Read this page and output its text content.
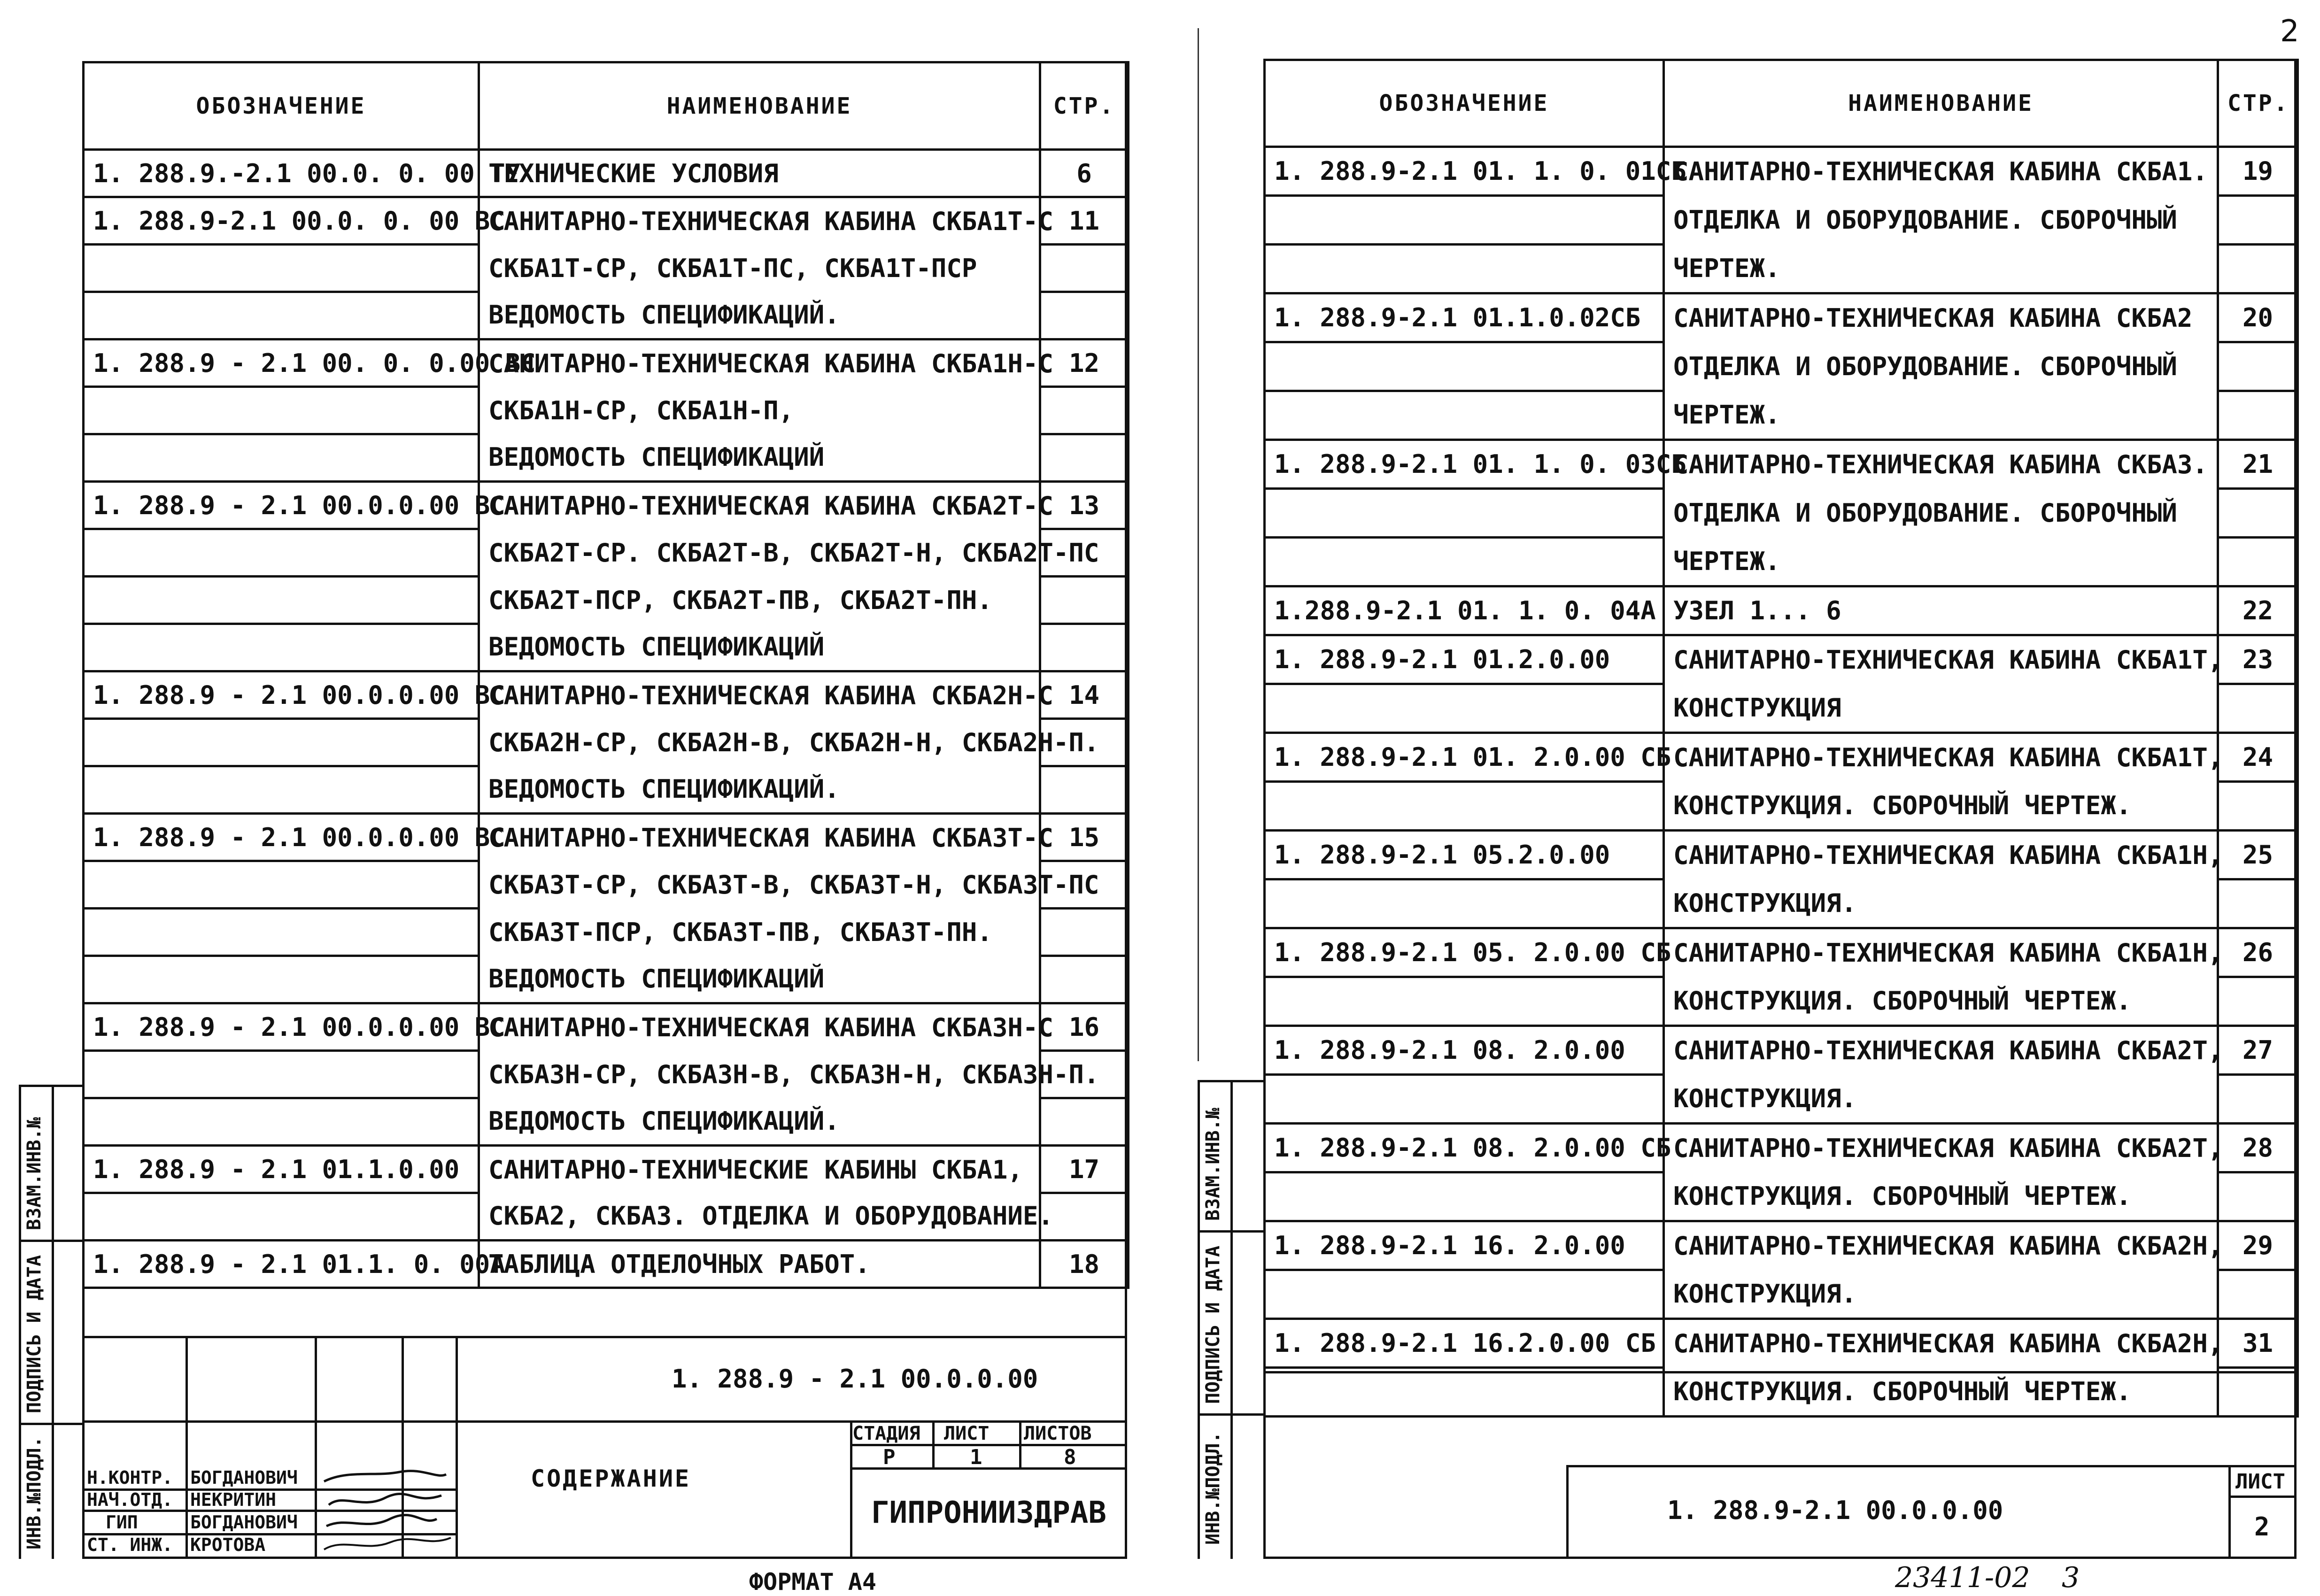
2
ОБОЗНАЧЕНИЕ	НАИМЕНОВАНИЕ	СТР.
1. 288.9.-2.1 00.0. 0. 00 ТУ	ТЕХНИЧЕСКИЕ УСЛОВИЯ	6
1. 288.9-2.1 00.0. 0. 00 ВС	САНИТАРНО-ТЕХНИЧЕСКАЯ КАБИНА СКБА1Т-С	11
	СКБА1Т-СР, СКБА1Т-ПС, СКБА1Т-ПСР	
	ВЕДОМОСТЬ СПЕЦИФИКАЦИЙ.	
1. 288.9 - 2.1 00. 0. 0.00 ВС	САНИТАРНО-ТЕХНИЧЕСКАЯ КАБИНА СКБА1Н-С	12
	СКБА1Н-СР, СКБА1Н-П,	
	ВЕДОМОСТЬ СПЕЦИФИКАЦИЙ	
1. 288.9 - 2.1 00.0.0.00 ВС	САНИТАРНО-ТЕХНИЧЕСКАЯ КАБИНА СКБА2Т-С	13
	СКБА2Т-СР. СКБА2Т-В, СКБА2Т-Н, СКБА2Т-ПС	
	СКБА2Т-ПСР, СКБА2Т-ПВ, СКБА2Т-ПН.	
	ВЕДОМОСТЬ СПЕЦИФИКАЦИЙ	
1. 288.9 - 2.1 00.0.0.00 ВС	САНИТАРНО-ТЕХНИЧЕСКАЯ КАБИНА СКБА2Н-С	14
	СКБА2Н-СР, СКБА2Н-В, СКБА2Н-Н, СКБА2Н-П.	
	ВЕДОМОСТЬ СПЕЦИФИКАЦИЙ.	
1. 288.9 - 2.1 00.0.0.00 ВС	САНИТАРНО-ТЕХНИЧЕСКАЯ КАБИНА СКБА3Т-С	15
	СКБА3Т-СР, СКБА3Т-В, СКБА3Т-Н, СКБА3Т-ПС	
	СКБА3Т-ПСР, СКБА3Т-ПВ, СКБА3Т-ПН.	
	ВЕДОМОСТЬ СПЕЦИФИКАЦИЙ	
1. 288.9 - 2.1 00.0.0.00 ВС	САНИТАРНО-ТЕХНИЧЕСКАЯ КАБИНА СКБА3Н-С	16
	СКБА3Н-СР, СКБА3Н-В, СКБА3Н-Н, СКБА3Н-П.	
	ВЕДОМОСТЬ СПЕЦИФИКАЦИЙ.	
1. 288.9 - 2.1 01.1.0.00	САНИТАРНО-ТЕХНИЧЕСКИЕ КАБИНЫ СКБА1,	17
	СКБА2, СКБА3. ОТДЕЛКА И ОБОРУДОВАНИЕ.	
1. 288.9 - 2.1 01.1. 0. 00А	ТАБЛИЦА ОТДЕЛОЧНЫХ РАБОТ.	18
ИНВ.№ПОДЛ.
ПОДПИСЬ И ДАТА
ВЗАМ.ИНВ.№
1. 288.9 - 2.1 00.0.0.00
СОДЕРЖАНИЕ
СТАДИЯ ЛИСТ ЛИСТОВ
Р	1	8
ГИПРОНИИЗДРАВ
Н.КОНТР. БОГДАНОВИЧ
НАЧ.ОТД. НЕКРИТИН
ГИП	БОГДАНОВИЧ
СТ. ИНЖ. КРОТОВА
ФОРМАТ А4
ОБОЗНАЧЕНИЕ	НАИМЕНОВАНИЕ	СТР.
1. 288.9-2.1 01. 1. 0. 01СБ	САНИТАРНО-ТЕХНИЧЕСКАЯ КАБИНА СКБА1.	19
	ОТДЕЛКА И ОБОРУДОВАНИЕ. СБОРОЧНЫЙ	
	ЧЕРТЕЖ.	
1. 288.9-2.1 01.1.0.02СБ	САНИТАРНО-ТЕХНИЧЕСКАЯ КАБИНА СКБА2	20
	ОТДЕЛКА И ОБОРУДОВАНИЕ. СБОРОЧНЫЙ	
	ЧЕРТЕЖ.	
1. 288.9-2.1 01. 1. 0. 03СБ	САНИТАРНО-ТЕХНИЧЕСКАЯ КАБИНА СКБА3.	21
	ОТДЕЛКА И ОБОРУДОВАНИЕ. СБОРОЧНЫЙ	
	ЧЕРТЕЖ.	
1.288.9-2.1 01. 1. 0. 04А	УЗЕЛ 1... 6	22
1. 288.9-2.1 01.2.0.00	САНИТАРНО-ТЕХНИЧЕСКАЯ КАБИНА СКБА1Т,	23
	КОНСТРУКЦИЯ	
1. 288.9-2.1 01. 2.0.00 СБ	САНИТАРНО-ТЕХНИЧЕСКАЯ КАБИНА СКБА1Т,	24
	КОНСТРУКЦИЯ. СБОРОЧНЫЙ ЧЕРТЕЖ.	
1. 288.9-2.1 05.2.0.00	САНИТАРНО-ТЕХНИЧЕСКАЯ КАБИНА СКБА1Н,	25
	КОНСТРУКЦИЯ.	
1. 288.9-2.1 05. 2.0.00 СБ	САНИТАРНО-ТЕХНИЧЕСКАЯ КАБИНА СКБА1Н,	26
	КОНСТРУКЦИЯ. СБОРОЧНЫЙ ЧЕРТЕЖ.	
1. 288.9-2.1 08. 2.0.00	САНИТАРНО-ТЕХНИЧЕСКАЯ КАБИНА СКБА2Т,	27
	КОНСТРУКЦИЯ.	
1. 288.9-2.1 08. 2.0.00 СБ	САНИТАРНО-ТЕХНИЧЕСКАЯ КАБИНА СКБА2Т,	28
	КОНСТРУКЦИЯ. СБОРОЧНЫЙ ЧЕРТЕЖ.	
1. 288.9-2.1 16. 2.0.00	САНИТАРНО-ТЕХНИЧЕСКАЯ КАБИНА СКБА2Н,	29
	КОНСТРУКЦИЯ.	
1. 288.9-2.1 16.2.0.00 СБ	САНИТАРНО-ТЕХНИЧЕСКАЯ КАБИНА СКБА2Н,	31
	КОНСТРУКЦИЯ. СБОРОЧНЫЙ ЧЕРТЕЖ.	
ИНВ.№ПОДЛ.
ПОДПИСЬ И ДАТА
ВЗАМ.ИНВ.№
1. 288.9-2.1 00.0.0.00
ЛИСТ
2
23411-02 3
